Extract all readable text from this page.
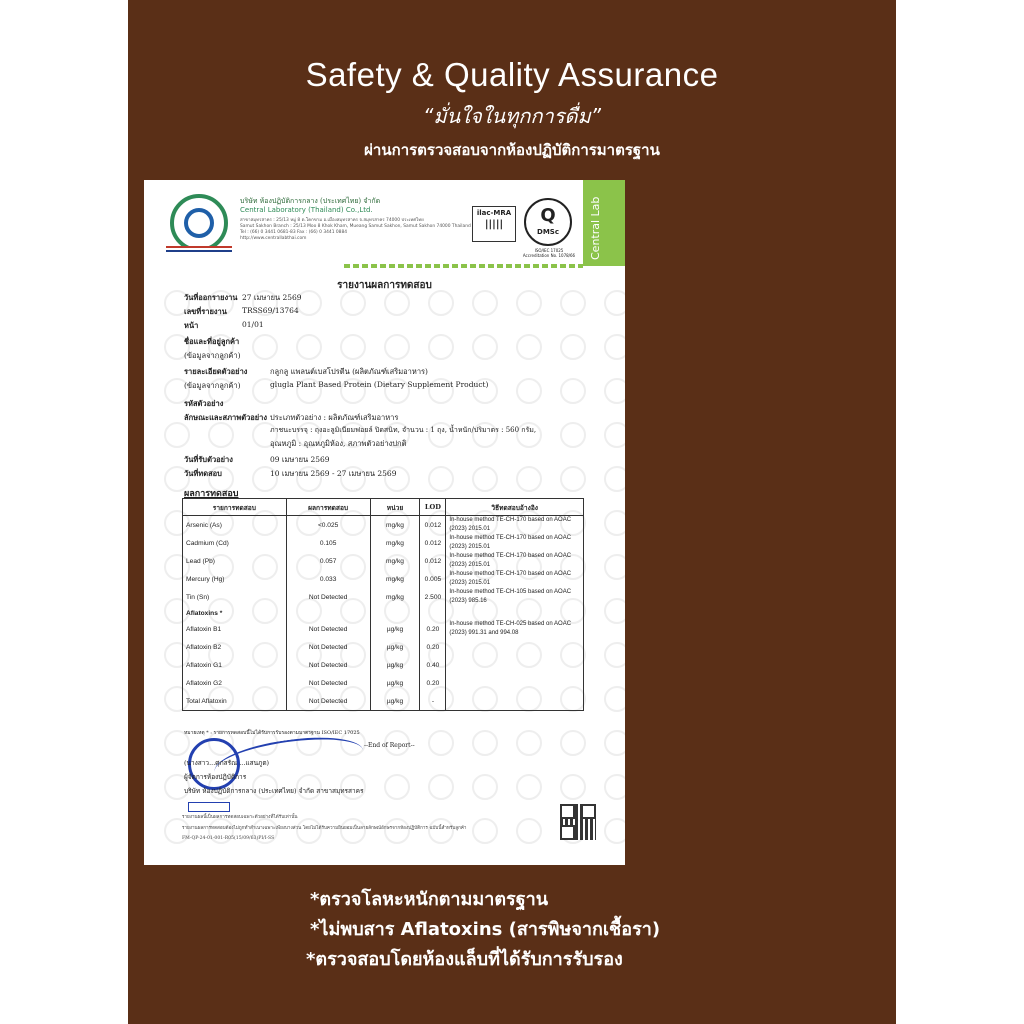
Safety & Quality Assurance
“มั่นใจในทุกการดื่ม”
ผ่านการตรวจสอบจากห้องปฏิบัติการมาตรฐาน
*ตรวจโลหะหนักตามมาตรฐาน
*ไม่พบสาร Aflatoxins (สารพิษจากเชื้อรา)
*ตรวจสอบโดยห้องแล็บที่ได้รับการรับรอง
บริษัท ห้องปฏิบัติการกลาง (ประเทศไทย) จำกัด
Central Laboratory (Thailand) Co.,Ltd.
สาขาสมุทรสาคร : 25/13 หมู่ 8 ต.โคกขาม อ.เมืองสมุทรสาคร จ.สมุทรสาคร 74000 ประเทศไทย
Samut Sakhon Branch : 25/13 Moo 8 Khok Kham, Mueang Samut Sakhon, Samut Sakhon 74000 Thailand
Tel : (66) 0 3441 0681-83 Fax : (66) 0 3441 0884
http://www.centrallabthai.com
ilac-MRA
|||||	Q
DMSc
ISO/IEC 17025
Accreditation No. 1078/66 Central Lab
รายงานผลการทดสอบ
วันที่ออกรายงาน 27 เมษายน 2569
เลขที่รายงาน TRSS69/13764
หน้า	01/01
ชื่อและที่อยู่ลูกค้า
(ข้อมูลจากลูกค้า)
รายละเอียดตัวอย่าง	กลูกลู แพลนต์เบสโปรตีน (ผลิตภัณฑ์เสริมอาหาร)
(ข้อมูลจากลูกค้า)	glugla Plant Based Protein (Dietary Supplement Product)
รหัสตัวอย่าง
ลักษณะและสภาพตัวอย่าง ประเภทตัวอย่าง : ผลิตภัณฑ์เสริมอาหาร
ภาชนะบรรจุ : ถุงอะลูมิเนียมฟอยล์ ปิดสนิท, จำนวน : 1 ถุง, น้ำหนัก/ปริมาตร : 560 กรัม,
อุณหภูมิ : อุณหภูมิห้อง, สภาพตัวอย่างปกติ
วันที่รับตัวอย่าง	09 เมษายน 2569
วันที่ทดสอบ	10 เมษายน 2569 - 27 เมษายน 2569
ผลการทดสอบ
รายการทดสอบ	ผลการทดสอบ	หน่วย	LOD	วิธีทดสอบอ้างอิง
Arsenic (As)	<0.025	mg/kg	0.012	In-house method TE-CH-170 based on AOAC (2023) 2015.01
Cadmium (Cd)	0.105	mg/kg	0.012	In-house method TE-CH-170 based on AOAC (2023) 2015.01
Lead (Pb)	0.057	mg/kg	0.012	In-house method TE-CH-170 based on AOAC (2023) 2015.01
Mercury (Hg)	0.033	mg/kg	0.005	In-house method TE-CH-170 based on AOAC (2023) 2015.01
Tin (Sn)	Not Detected	mg/kg	2.500	In-house method TE-CH-105 based on AOAC (2023) 985.16
Aflatoxins *				
Aflatoxin B1	Not Detected	µg/kg	0.20	In-house method TE-CH-025 based on AOAC (2023) 991.31 and 994.08
Aflatoxin B2	Not Detected	µg/kg	0.20	
Aflatoxin G1	Not Detected	µg/kg	0.40	
Aflatoxin G2	Not Detected	µg/kg	0.20	
Total Aflatoxin	Not Detected	µg/kg	-	
หมายเหตุ * : รายการทดสอบนี้ไม่ได้รับการรับรองตามมาตรฐาน ISO/IEC 17025
--End of Report--
(นางสาว...ศุภสรัณ ...แสนภูต)
ผู้จัดการห้องปฏิบัติการ
บริษัท ห้องปฏิบัติการกลาง (ประเทศไทย) จำกัด สาขาสมุทรสาคร
รายงานผลนี้เป็นผลการทดสอบเฉพาะตัวอย่างที่ได้รับเท่านั้น
รายงานผลการทดสอบต้องไม่ถูกทำสำเนาเฉพาะเพียงบางส่วน โดยไม่ได้รับความยินยอมเป็นลายลักษณ์อักษรจากห้องปฏิบัติการ ฉบับนี้สำหรับลูกค้า
FM-QP-24-01-001-R05(15/09/63)PI/I-SS
